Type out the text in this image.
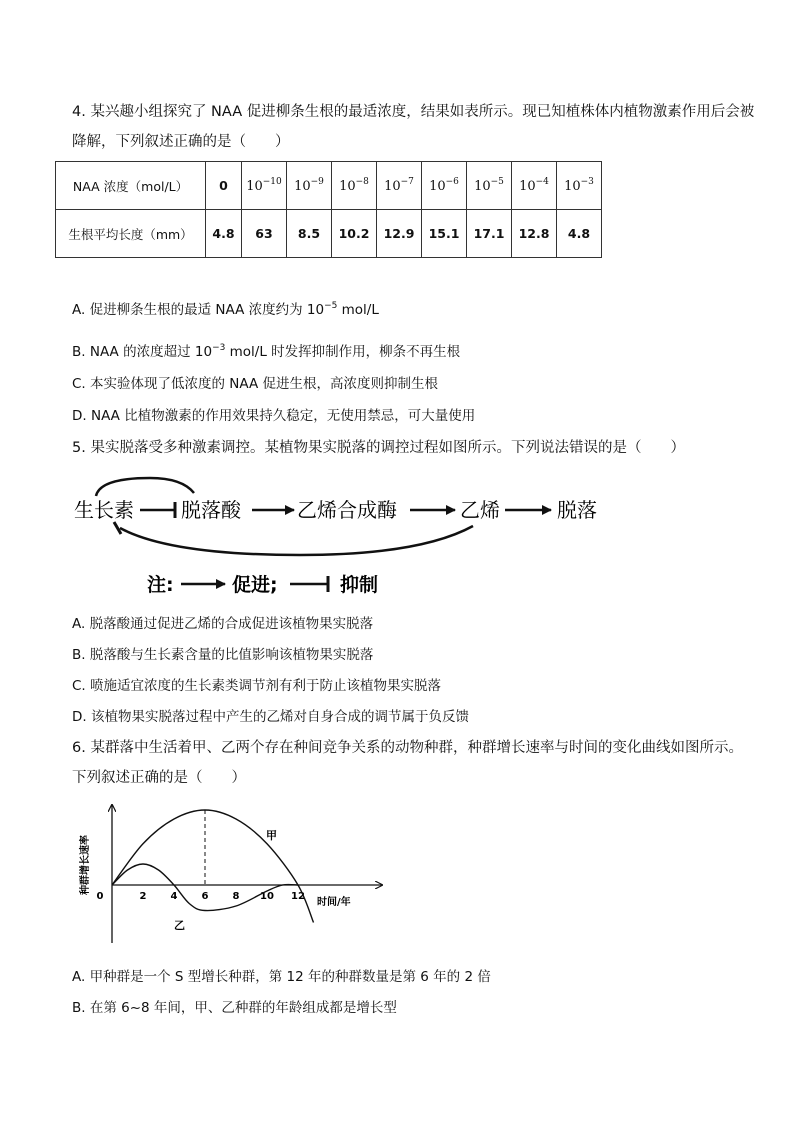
4. 某兴趣小组探究了 NAA 促进柳条生根的最适浓度，结果如表所示。现已知植株体内植物激素作用后会被
降解，下列叙述正确的是（　　）
NAA 浓度（mol/L）	0	$10^{-10}$	$10^{-9}$	$10^{-8}$	$10^{-7}$	$10^{-6}$	$10^{-5}$	$10^{-4}$	$10^{-3}$
生根平均长度（mm）	4.8	63	8.5	10.2	12.9	15.1	17.1	12.8	4.8
A. 促进柳条生根的最适 NAA 浓度约为 $10^{-5}$ mol/L
B. NAA 的浓度超过 $10^{-3}$ mol/L 时发挥抑制作用，柳条不再生根
C. 本实验体现了低浓度的 NAA 促进生根，高浓度则抑制生根
D. NAA 比植物激素的作用效果持久稳定，无使用禁忌，可大量使用
5. 果实脱落受多种激素调控。某植物果实脱落的调控过程如图所示。下列说法错误的是（　　）
生长素 脱落酸	乙烯合成酶	乙烯	脱落
注:	促进;	抑制
A. 脱落酸通过促进乙烯的合成促进该植物果实脱落
B. 脱落酸与生长素含量的比值影响该植物果实脱落
C. 喷施适宜浓度的生长素类调节剂有利于防止该植物果实脱落
D. 该植物果实脱落过程中产生的乙烯对自身合成的调节属于负反馈
6. 某群落中生活着甲、乙两个存在种间竞争关系的动物种群，种群增长速率与时间的变化曲线如图所示。
下列叙述正确的是（　　）
0	2 4 6 8 10 12
时间/年
种群增长速率	甲
乙
A. 甲种群是一个 S 型增长种群，第 12 年的种群数量是第 6 年的 2 倍
B. 在第 6~8 年间，甲、乙种群的年龄组成都是增长型
